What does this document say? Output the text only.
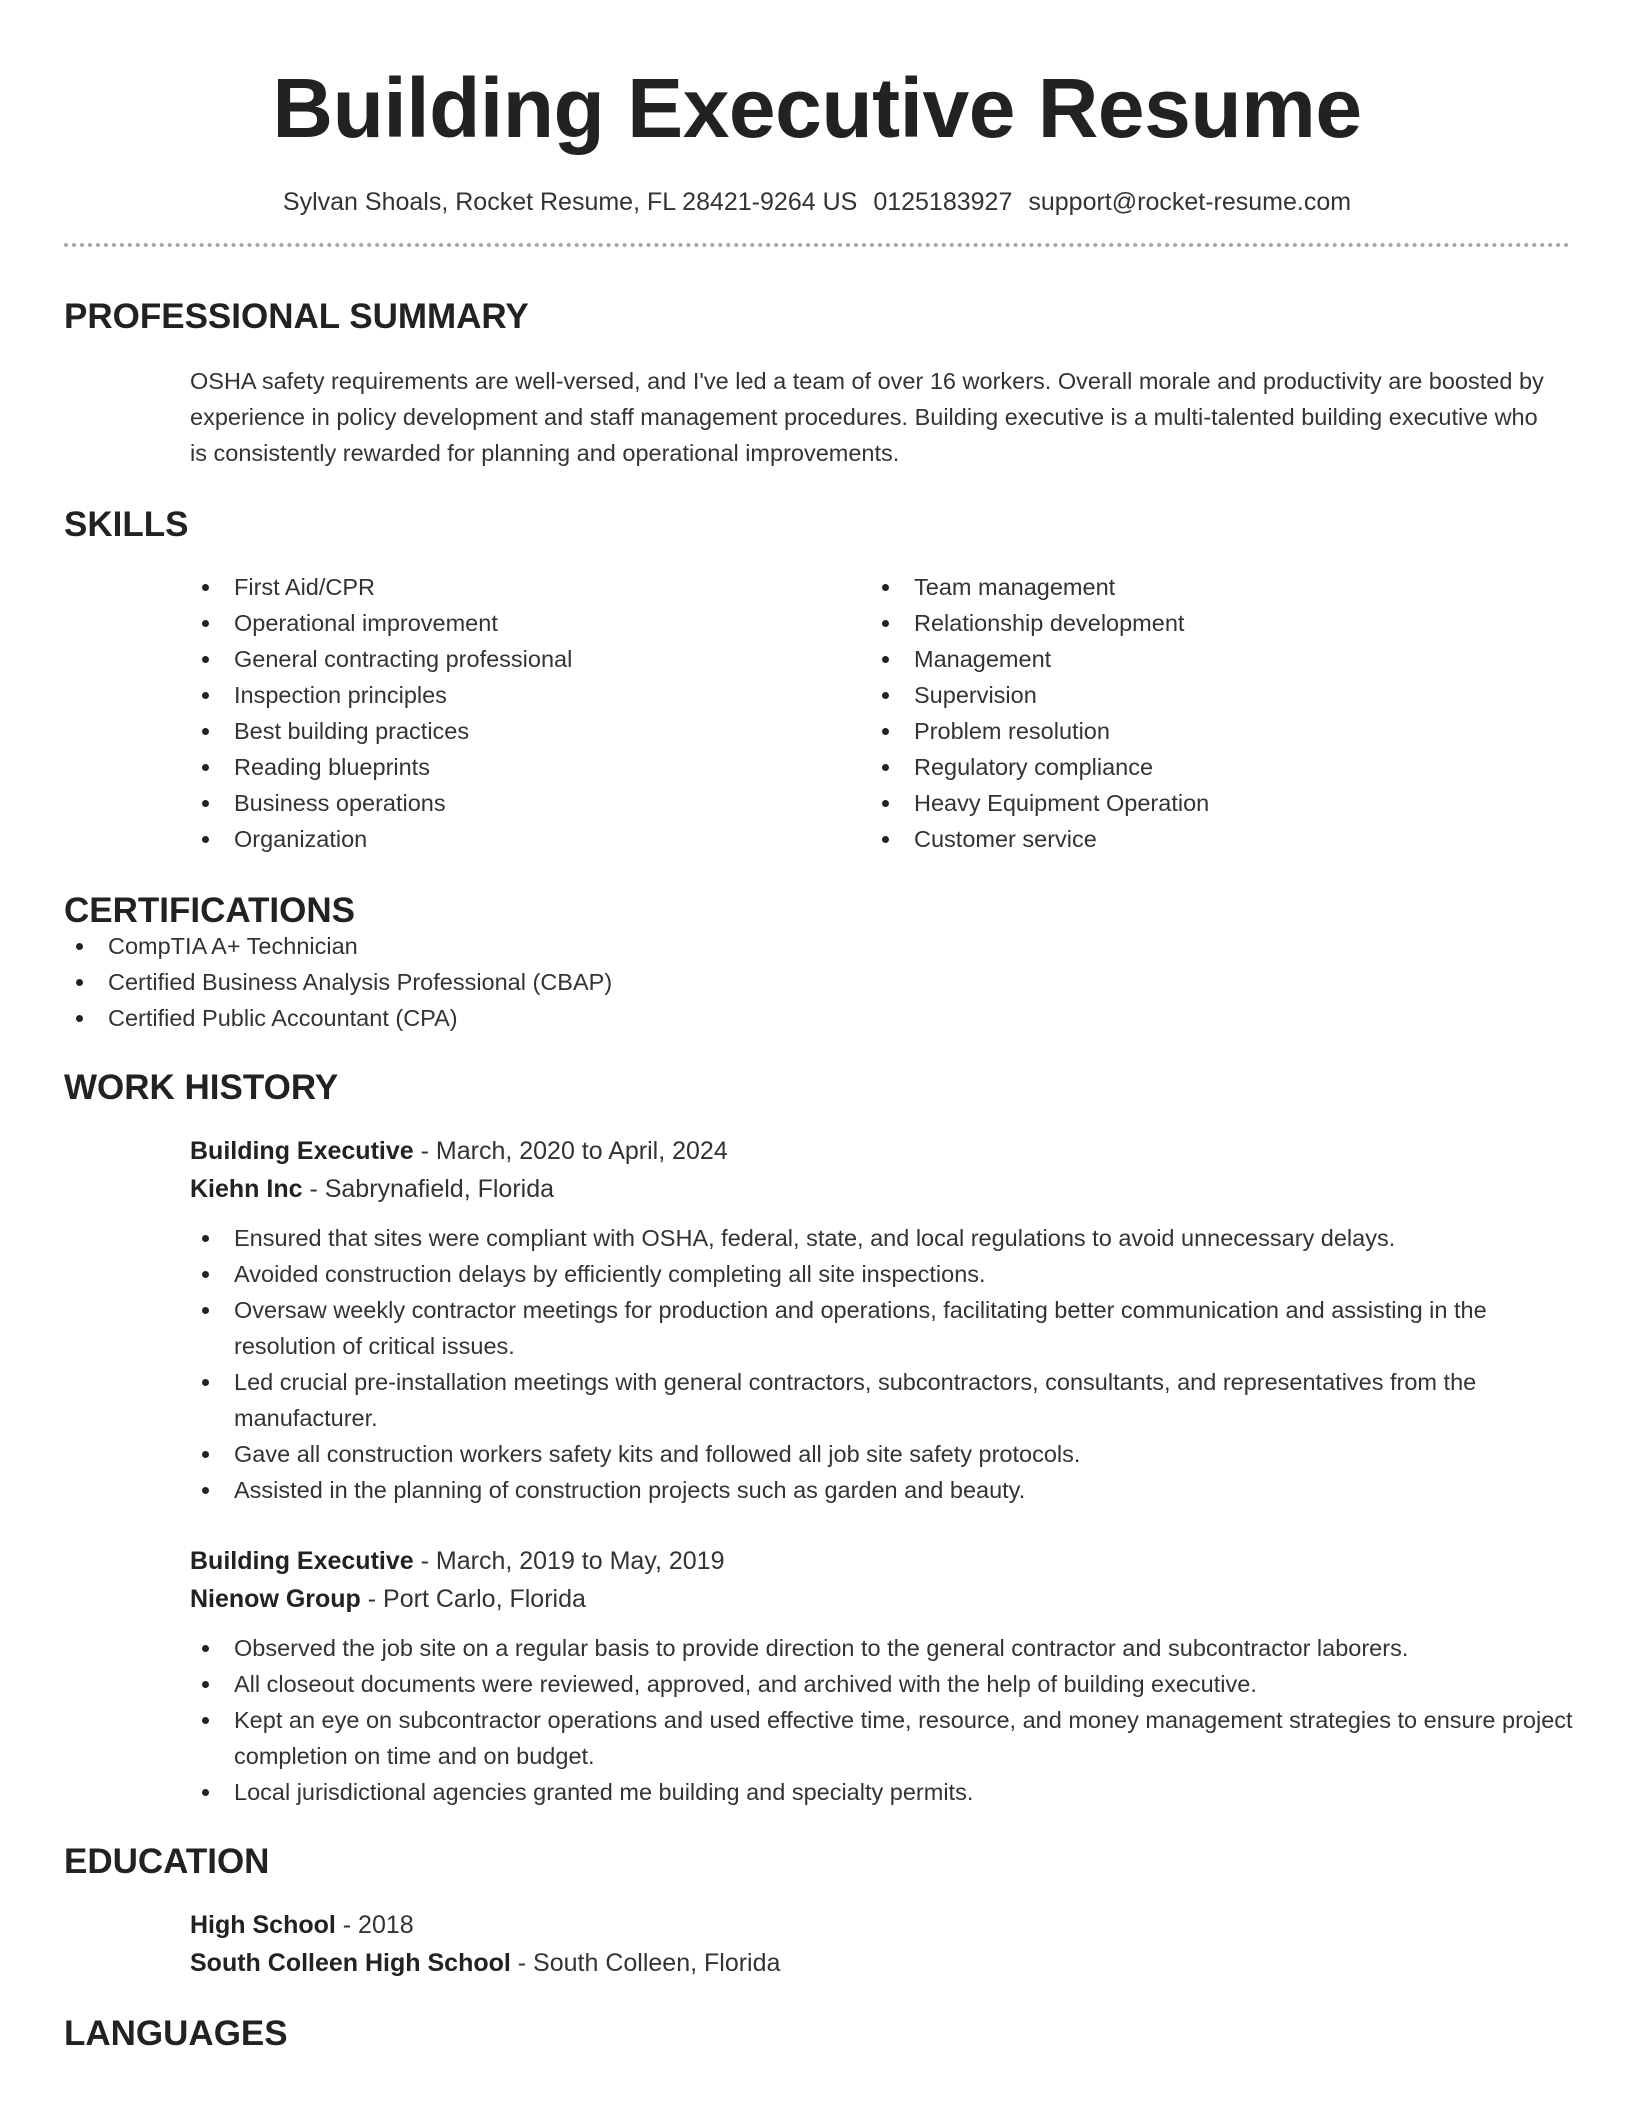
Building Executive Resume
Sylvan Shoals, Rocket Resume, FL 28421-9264 US 0125183927 support@rocket-resume.com
PROFESSIONAL SUMMARY

OSHA safety requirements are well-versed, and I've led a team of over 16 workers. Overall morale and productivity are boosted by experience in policy development and staff management procedures. Building executive is a multi-talented building executive who is consistently rewarded for planning and operational improvements.

SKILLS
First Aid/CPR
Operational improvement
General contracting professional
Inspection principles
Best building practices
Reading blueprints
Business operations
Organization
Team management
Relationship development
Management
Supervision
Problem resolution
Regulatory compliance
Heavy Equipment Operation
Customer service
CERTIFICATIONS
CompTIA A+ Technician
Certified Business Analysis Professional (CBAP)
Certified Public Accountant (CPA)
WORK HISTORY
Building Executive - March, 2020 to April, 2024
Kiehn Inc - Sabrynafield, Florida
Ensured that sites were compliant with OSHA, federal, state, and local regulations to avoid unnecessary delays.
Avoided construction delays by efficiently completing all site inspections.
Oversaw weekly contractor meetings for production and operations, facilitating better communication and assisting in the resolution of critical issues.
Led crucial pre-installation meetings with general contractors, subcontractors, consultants, and representatives from the manufacturer.
Gave all construction workers safety kits and followed all job site safety protocols.
Assisted in the planning of construction projects such as garden and beauty.
Building Executive - March, 2019 to May, 2019
Nienow Group - Port Carlo, Florida
Observed the job site on a regular basis to provide direction to the general contractor and subcontractor laborers.
All closeout documents were reviewed, approved, and archived with the help of building executive.
Kept an eye on subcontractor operations and used effective time, resource, and money management strategies to ensure project completion on time and on budget.
Local jurisdictional agencies granted me building and specialty permits.
EDUCATION
High School - 2018
South Colleen High School - South Colleen, Florida
LANGUAGES
